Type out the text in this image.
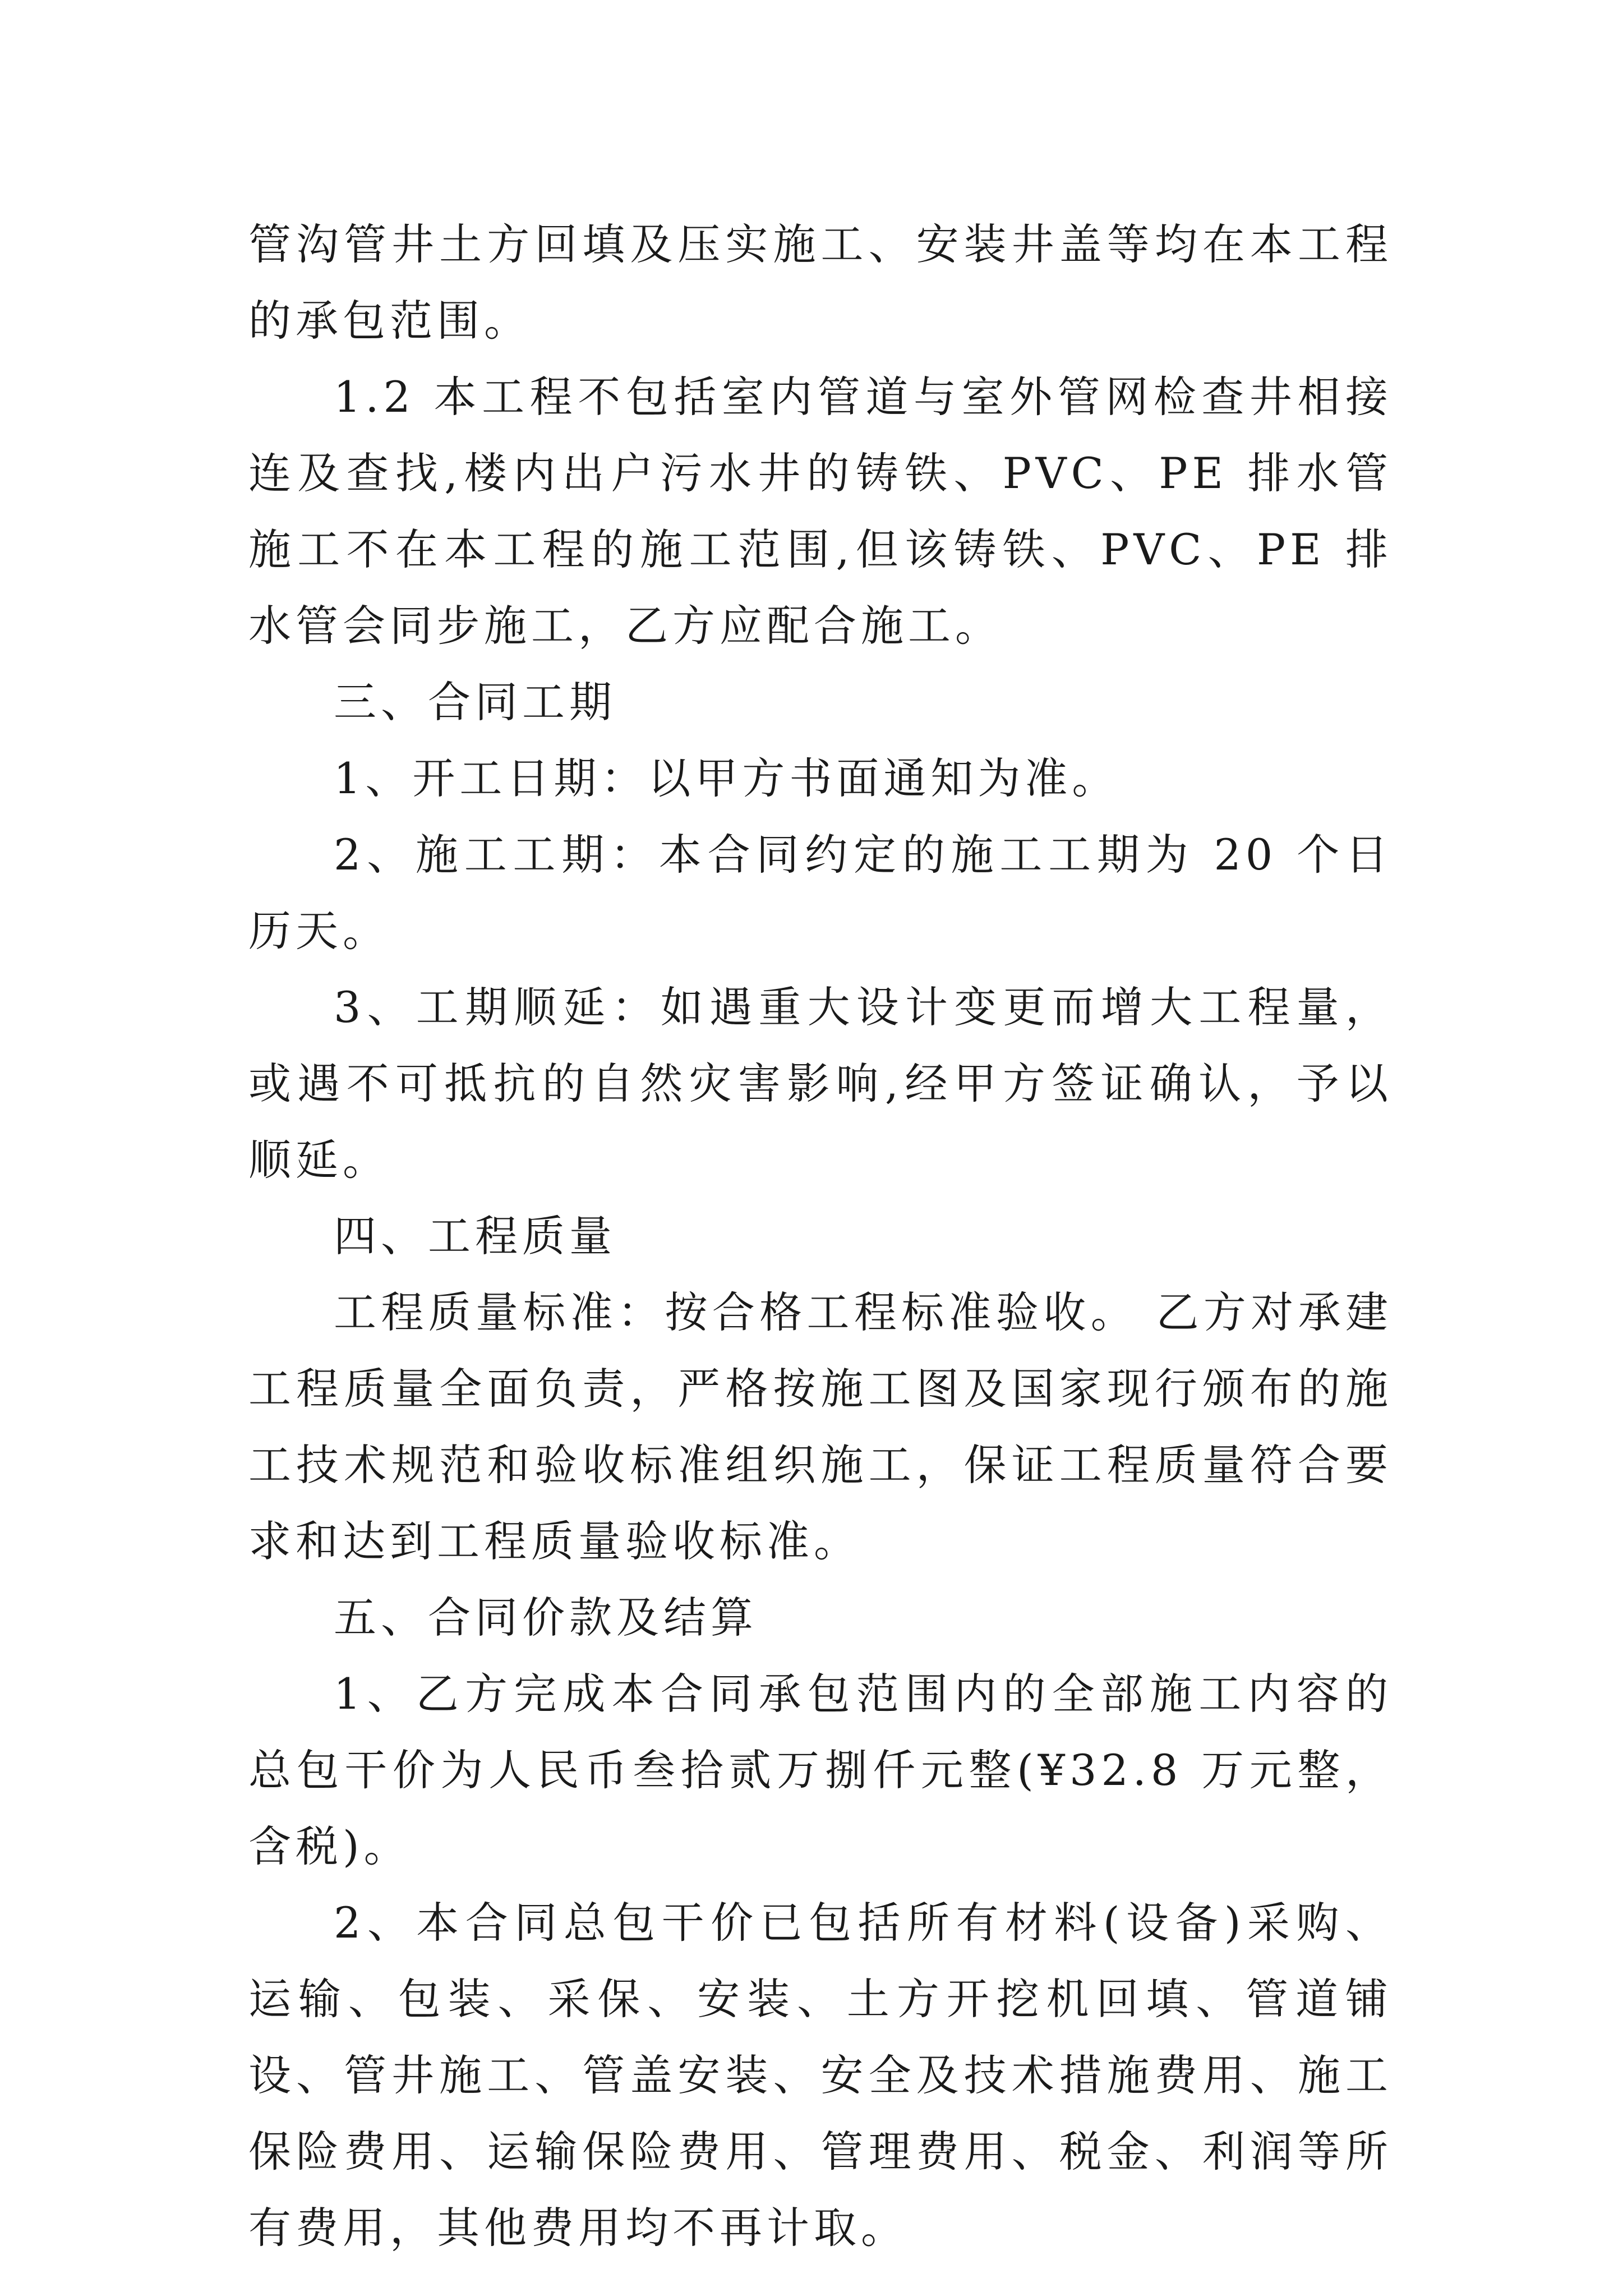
管沟管井土方回填及压实施工、安装井盖等均在本工程的承包范围。

1.2 本工程不包括室内管道与室外管网检查井相接连及查找,楼内出户污水井的铸铁、PVC、PE 排水管施工不在本工程的施工范围,但该铸铁、PVC、PE 排水管会同步施工，乙方应配合施工。

三、合同工期

1、开工日期：以甲方书面通知为准。

2、施工工期：本合同约定的施工工期为 20 个日历天。

3、工期顺延：如遇重大设计变更而增大工程量，或遇不可抵抗的自然灾害影响,经甲方签证确认，予以顺延。

四、工程质量

工程质量标准：按合格工程标准验收。 乙方对承建工程质量全面负责，严格按施工图及国家现行颁布的施工技术规范和验收标准组织施工，保证工程质量符合要求和达到工程质量验收标准。

五、合同价款及结算

1、乙方完成本合同承包范围内的全部施工内容的总包干价为人民币叁拾贰万捌仟元整(¥32.8 万元整，含税)。

2、本合同总包干价已包括所有材料(设备)采购、运输、包装、采保、安装、土方开挖机回填、管道铺设、管井施工、管盖安装、安全及技术措施费用、施工保险费用、运输保险费用、管理费用、税金、利润等所有费用，其他费用均不再计取。
